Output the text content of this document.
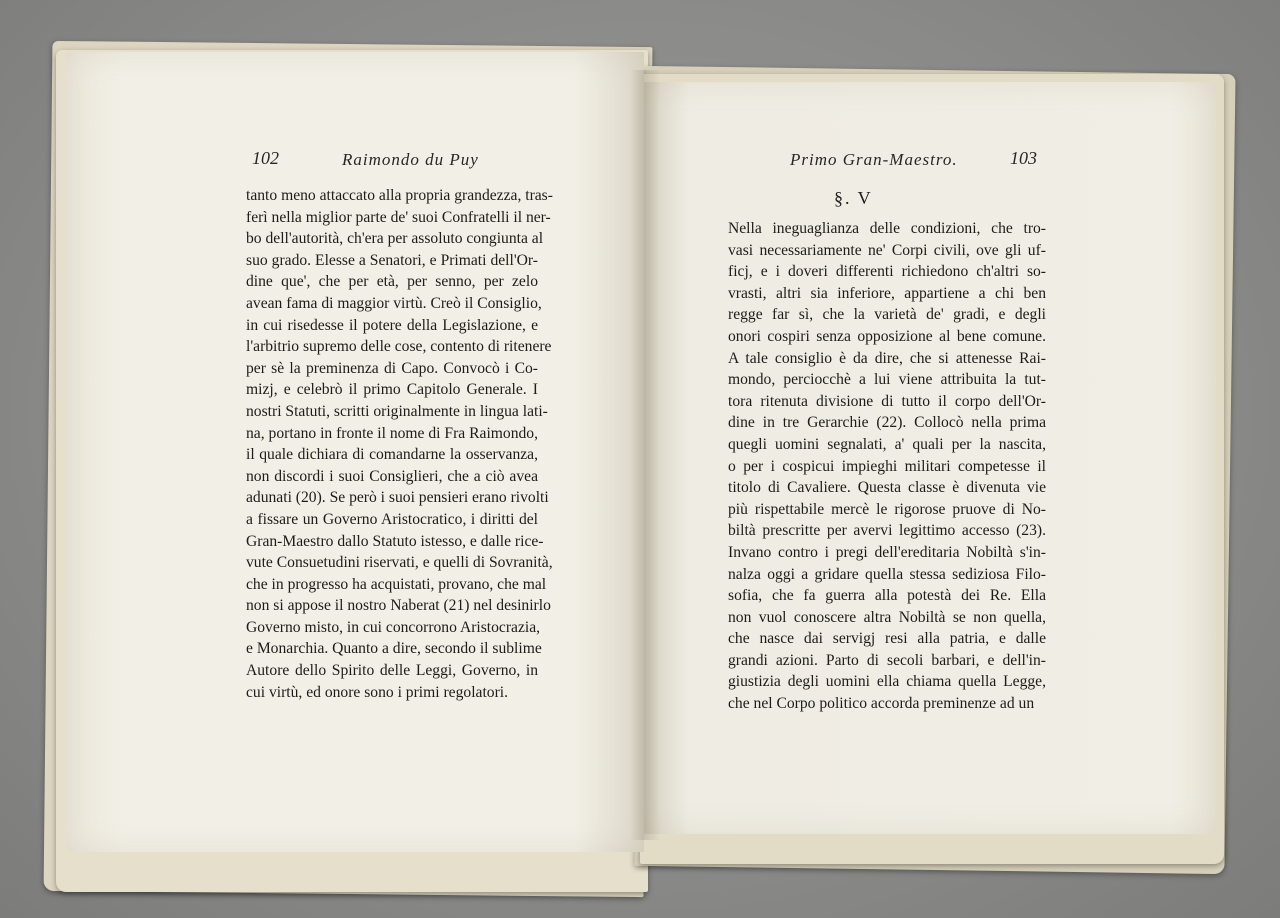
102	Raimondo du Puy
tanto meno attaccato alla propria grandezza, tras-
ferì nella miglior parte de' suoi Confratelli il ner-
bo dell'autorità, ch'era per assoluto congiunta al
suo grado. Elesse a Senatori, e Primati dell'Or-
dine que', che per età, per senno, per zelo
avean fama di maggior virtù. Creò il Consiglio,
in cui risedesse il potere della Legislazione, e
l'arbitrio supremo delle cose, contento di ritenere
per sè la preminenza di Capo. Convocò i Co-
mizj, e celebrò il primo Capitolo Generale. I
nostri Statuti, scritti originalmente in lingua lati-
na, portano in fronte il nome di Fra Raimondo,
il quale dichiara di comandarne la osservanza,
non discordi i suoi Consiglieri, che a ciò avea
adunati (20). Se però i suoi pensieri erano rivolti
a fissare un Governo Aristocratico, i diritti del
Gran-Maestro dallo Statuto istesso, e dalle rice-
vute Consuetudini riservati, e quelli di Sovranità,
che in progresso ha acquistati, provano, che mal
non si appose il nostro Naberat (21) nel desinirlo
Governo misto, in cui concorrono Aristocrazia,
e Monarchia. Quanto a dire, secondo il sublime
Autore dello Spirito delle Leggi, Governo, in
cui virtù, ed onore sono i primi regolatori.
Primo Gran-Maestro.	103
§. V
Nella ineguaglianza delle condizioni, che tro-
vasi necessariamente ne' Corpi civili, ove gli uf-
ficj, e i doveri differenti richiedono ch'altri so-
vrasti, altri sia inferiore, appartiene a chi ben
regge far sì, che la varietà de' gradi, e degli
onori cospiri senza opposizione al bene comune.
A tale consiglio è da dire, che si attenesse Rai-
mondo, perciocchè a lui viene attribuita la tut-
tora ritenuta divisione di tutto il corpo dell'Or-
dine in tre Gerarchie (22). Collocò nella prima
quegli uomini segnalati, a' quali per la nascita,
o per i cospicui impieghi militari competesse il
titolo di Cavaliere. Questa classe è divenuta vie
più rispettabile mercè le rigorose pruove di No-
biltà prescritte per avervi legittimo accesso (23).
Invano contro i pregi dell'ereditaria Nobiltà s'in-
nalza oggi a gridare quella stessa sediziosa Filo-
sofia, che fa guerra alla potestà dei Re. Ella
non vuol conoscere altra Nobiltà se non quella,
che nasce dai servigj resi alla patria, e dalle
grandi azioni. Parto di secoli barbari, e dell'in-
giustizia degli uomini ella chiama quella Legge,
che nel Corpo politico accorda preminenze ad un
